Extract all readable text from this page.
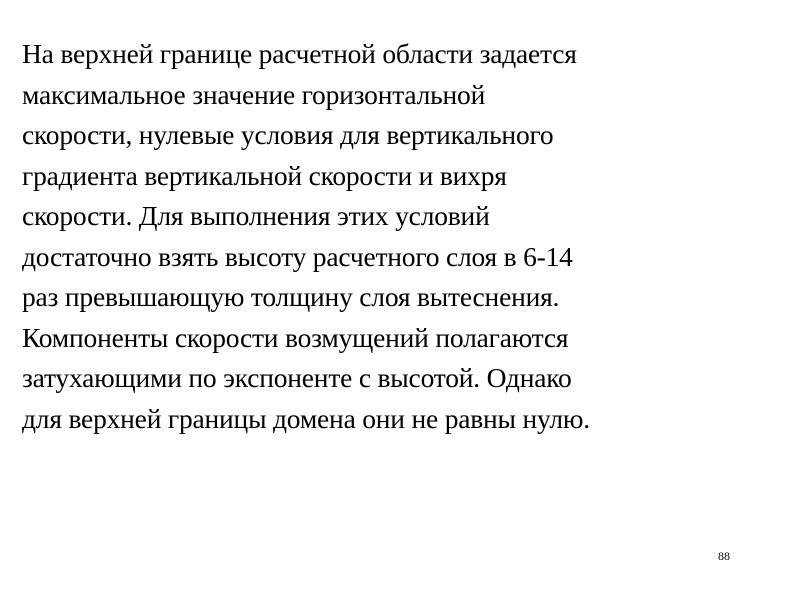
На верхней границе расчетной области задается
максимальное значение горизонтальной
скорости, нулевые условия для вертикального
градиента вертикальной скорости и вихря
скорости. Для выполнения этих условий
достаточно взять высоту расчетного слоя в 6-14
раз превышающую толщину слоя вытеснения.
Компоненты скорости возмущений полагаются
затухающими по экспоненте с высотой. Однако
для верхней границы домена они не равны нулю.

88
